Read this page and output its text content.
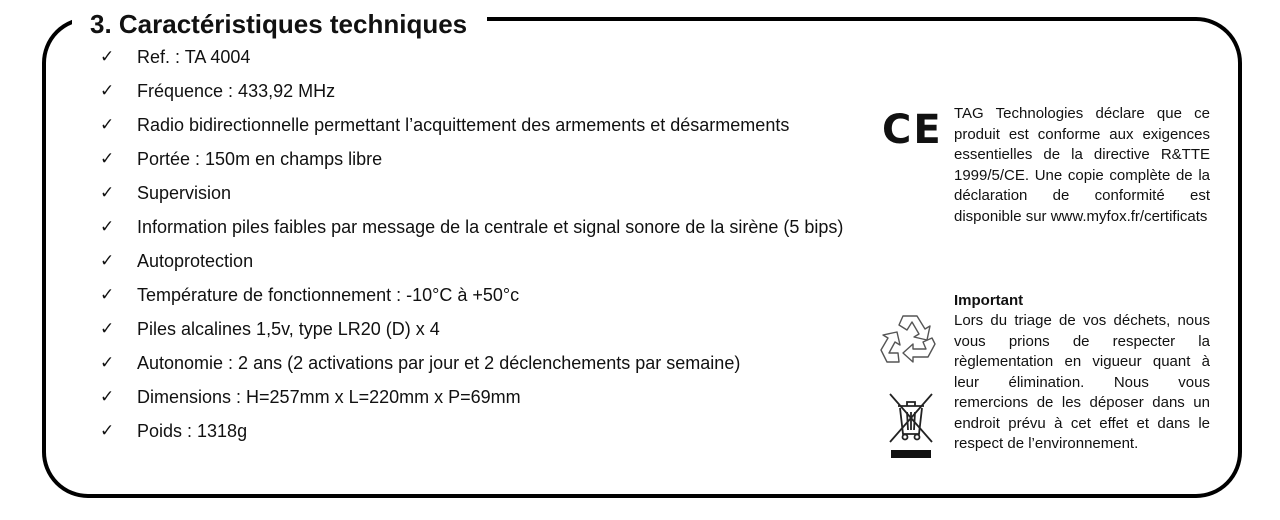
3. Caractéristiques techniques
✓	Ref. : TA 4004
✓	Fréquence : 433,92 MHz
✓	Radio bidirectionnelle permettant l’acquittement des armements et désarmements
✓	Portée : 150m en champs libre
✓	Supervision
✓	Information piles faibles par message de la centrale et signal sonore de la sirène (5 bips)
✓	Autoprotection
✓	Température de fonctionnement : -10°C à +50°c
✓	Piles alcalines 1,5v, type LR20 (D) x 4
✓	Autonomie : 2 ans (2 activations par jour et 2 déclenchements par semaine)
✓	Dimensions : H=257mm x L=220mm x P=69mm
✓	Poids : 1318g
CE TAG Technologies déclare que ce produit est conforme aux exigences essentielles de la directive R&TTE 1999/5/CE. Une copie complète de la déclaration de conformité est disponible sur www.myfox.fr/certificats
Important
Lors du triage de vos déchets, nous vous prions de respecter la règlementation en vigueur quant à leur élimination. Nous vous remercions de les déposer dans un endroit prévu à cet effet et dans le respect de l’environnement.
